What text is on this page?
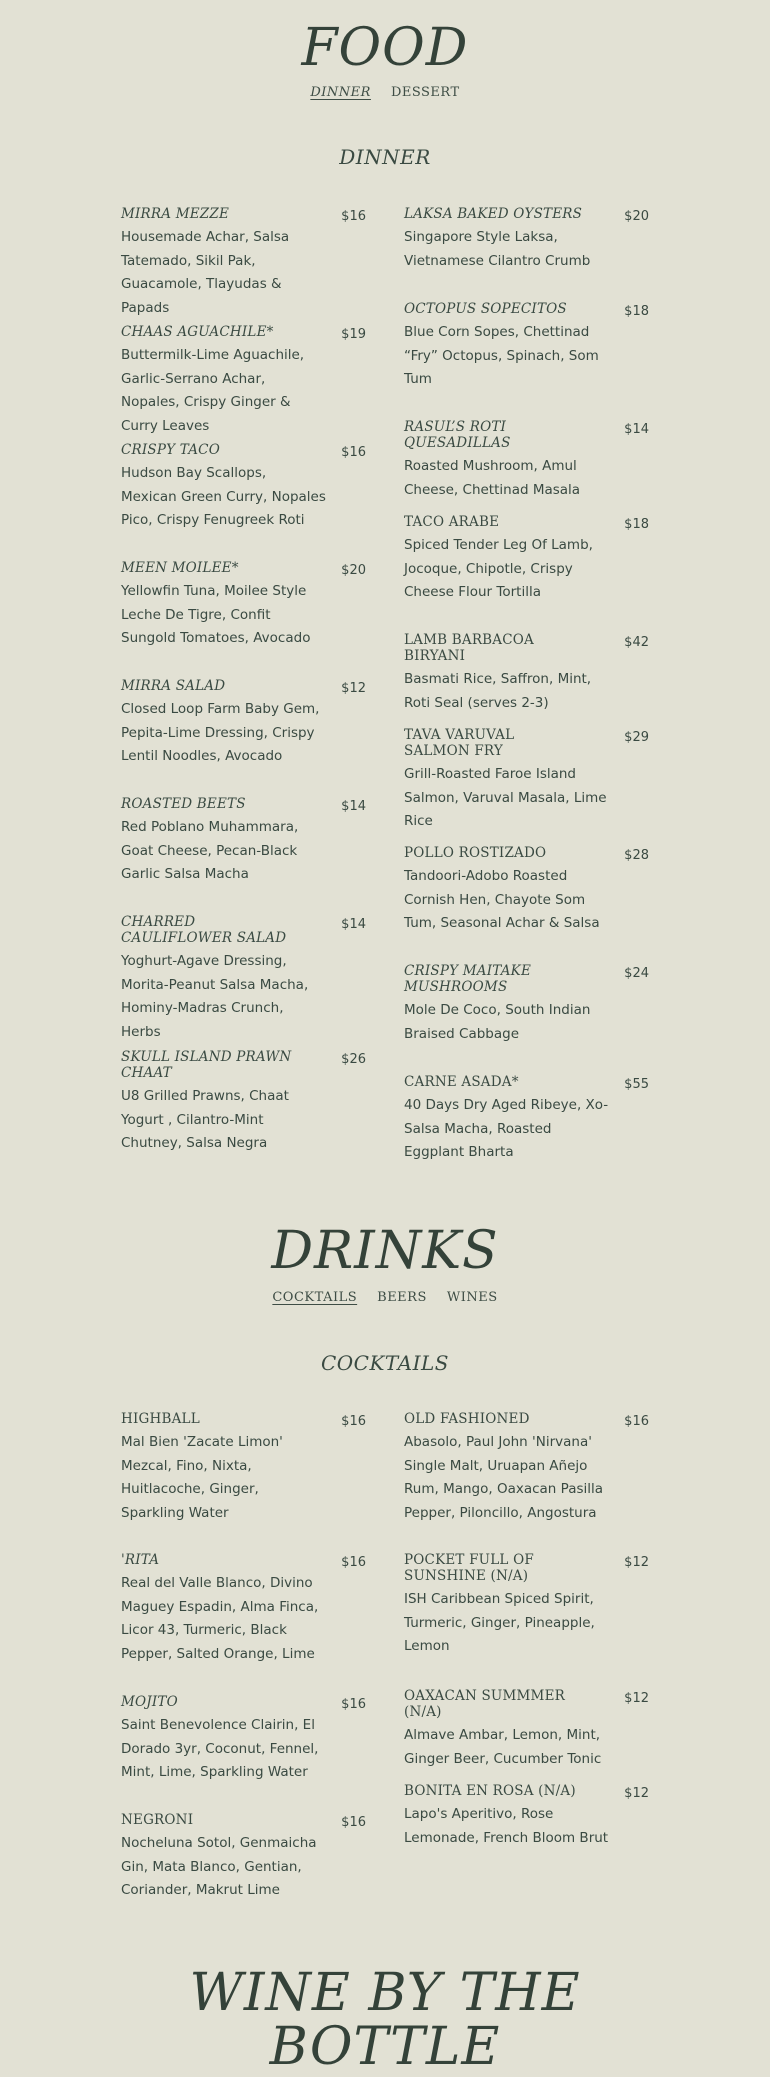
FOOD
DINNER DESSERT
DINNER
MIRRA MEZZE	$16
Housemade Achar, Salsa Tatemado, Sikil Pak, Guacamole, Tlayudas & Papads
CHAAS AGUACHILE*	$19
Buttermilk-Lime Aguachile, Garlic-Serrano Achar, Nopales, Crispy Ginger & Curry Leaves
CRISPY TACO	$16
Hudson Bay Scallops, Mexican Green Curry, Nopales Pico, Crispy Fenugreek Roti
MEEN MOILEE*	$20
Yellowfin Tuna, Moilee Style Leche De Tigre, Confit Sungold Tomatoes, Avocado
MIRRA SALAD	$12
Closed Loop Farm Baby Gem, Pepita-Lime Dressing, Crispy Lentil Noodles, Avocado
ROASTED BEETS	$14
Red Poblano Muhammara, Goat Cheese, Pecan-Black Garlic Salsa Macha
CHARRED CAULIFLOWER SALAD
$14
Yoghurt-Agave Dressing, Morita-Peanut Salsa Macha, Hominy-Madras Crunch, Herbs
SKULL ISLAND PRAWN CHAAT
$26
U8 Grilled Prawns, Chaat Yogurt , Cilantro-Mint Chutney, Salsa Negra
LAKSA BAKED OYSTERS	$20
Singapore Style Laksa, Vietnamese Cilantro Crumb
OCTOPUS SOPECITOS	$18
Blue Corn Sopes, Chettinad “Fry” Octopus, Spinach, Som Tum
RASUL’S ROTI QUESADILLAS
$14
Roasted Mushroom, Amul Cheese, Chettinad Masala
TACO ARABE	$18
Spiced Tender Leg Of Lamb, Jocoque, Chipotle, Crispy Cheese Flour Tortilla
LAMB BARBACOA BIRYANI
$42
Basmati Rice, Saffron, Mint, Roti Seal (serves 2-3)
TAVA VARUVAL SALMON FRY
$29
Grill-Roasted Faroe Island Salmon, Varuval Masala, Lime Rice
POLLO ROSTIZADO	$28
Tandoori-Adobo Roasted Cornish Hen, Chayote Som Tum, Seasonal Achar & Salsa
CRISPY MAITAKE MUSHROOMS
$24
Mole De Coco, South Indian Braised Cabbage
CARNE ASADA*	$55
40 Days Dry Aged Ribeye, Xo-Salsa Macha, Roasted Eggplant Bharta
DRINKS
COCKTAILS BEERS WINES
COCKTAILS
HIGHBALL	$16
Mal Bien 'Zacate Limon' Mezcal, Fino, Nixta, Huitlacoche, Ginger, Sparkling Water
'RITA	$16
Real del Valle Blanco, Divino Maguey Espadin, Alma Finca, Licor 43, Turmeric, Black Pepper, Salted Orange, Lime
MOJITO	$16
Saint Benevolence Clairin, El Dorado 3yr, Coconut, Fennel, Mint, Lime, Sparkling Water
NEGRONI	$16
Nocheluna Sotol, Genmaicha Gin, Mata Blanco, Gentian, Coriander, Makrut Lime
OLD FASHIONED	$16
Abasolo, Paul John 'Nirvana' Single Malt, Uruapan Añejo Rum, Mango, Oaxacan Pasilla Pepper, Piloncillo, Angostura
POCKET FULL OF SUNSHINE (N/A)
$12
ISH Caribbean Spiced Spirit, Turmeric, Ginger, Pineapple, Lemon
OAXACAN SUMMMER (N/A)
$12
Almave Ambar, Lemon, Mint, Ginger Beer, Cucumber Tonic
BONITA EN ROSA (N/A)	$12
Lapo's Aperitivo, Rose Lemonade, French Bloom Brut
WINE BY THE BOTTLE
